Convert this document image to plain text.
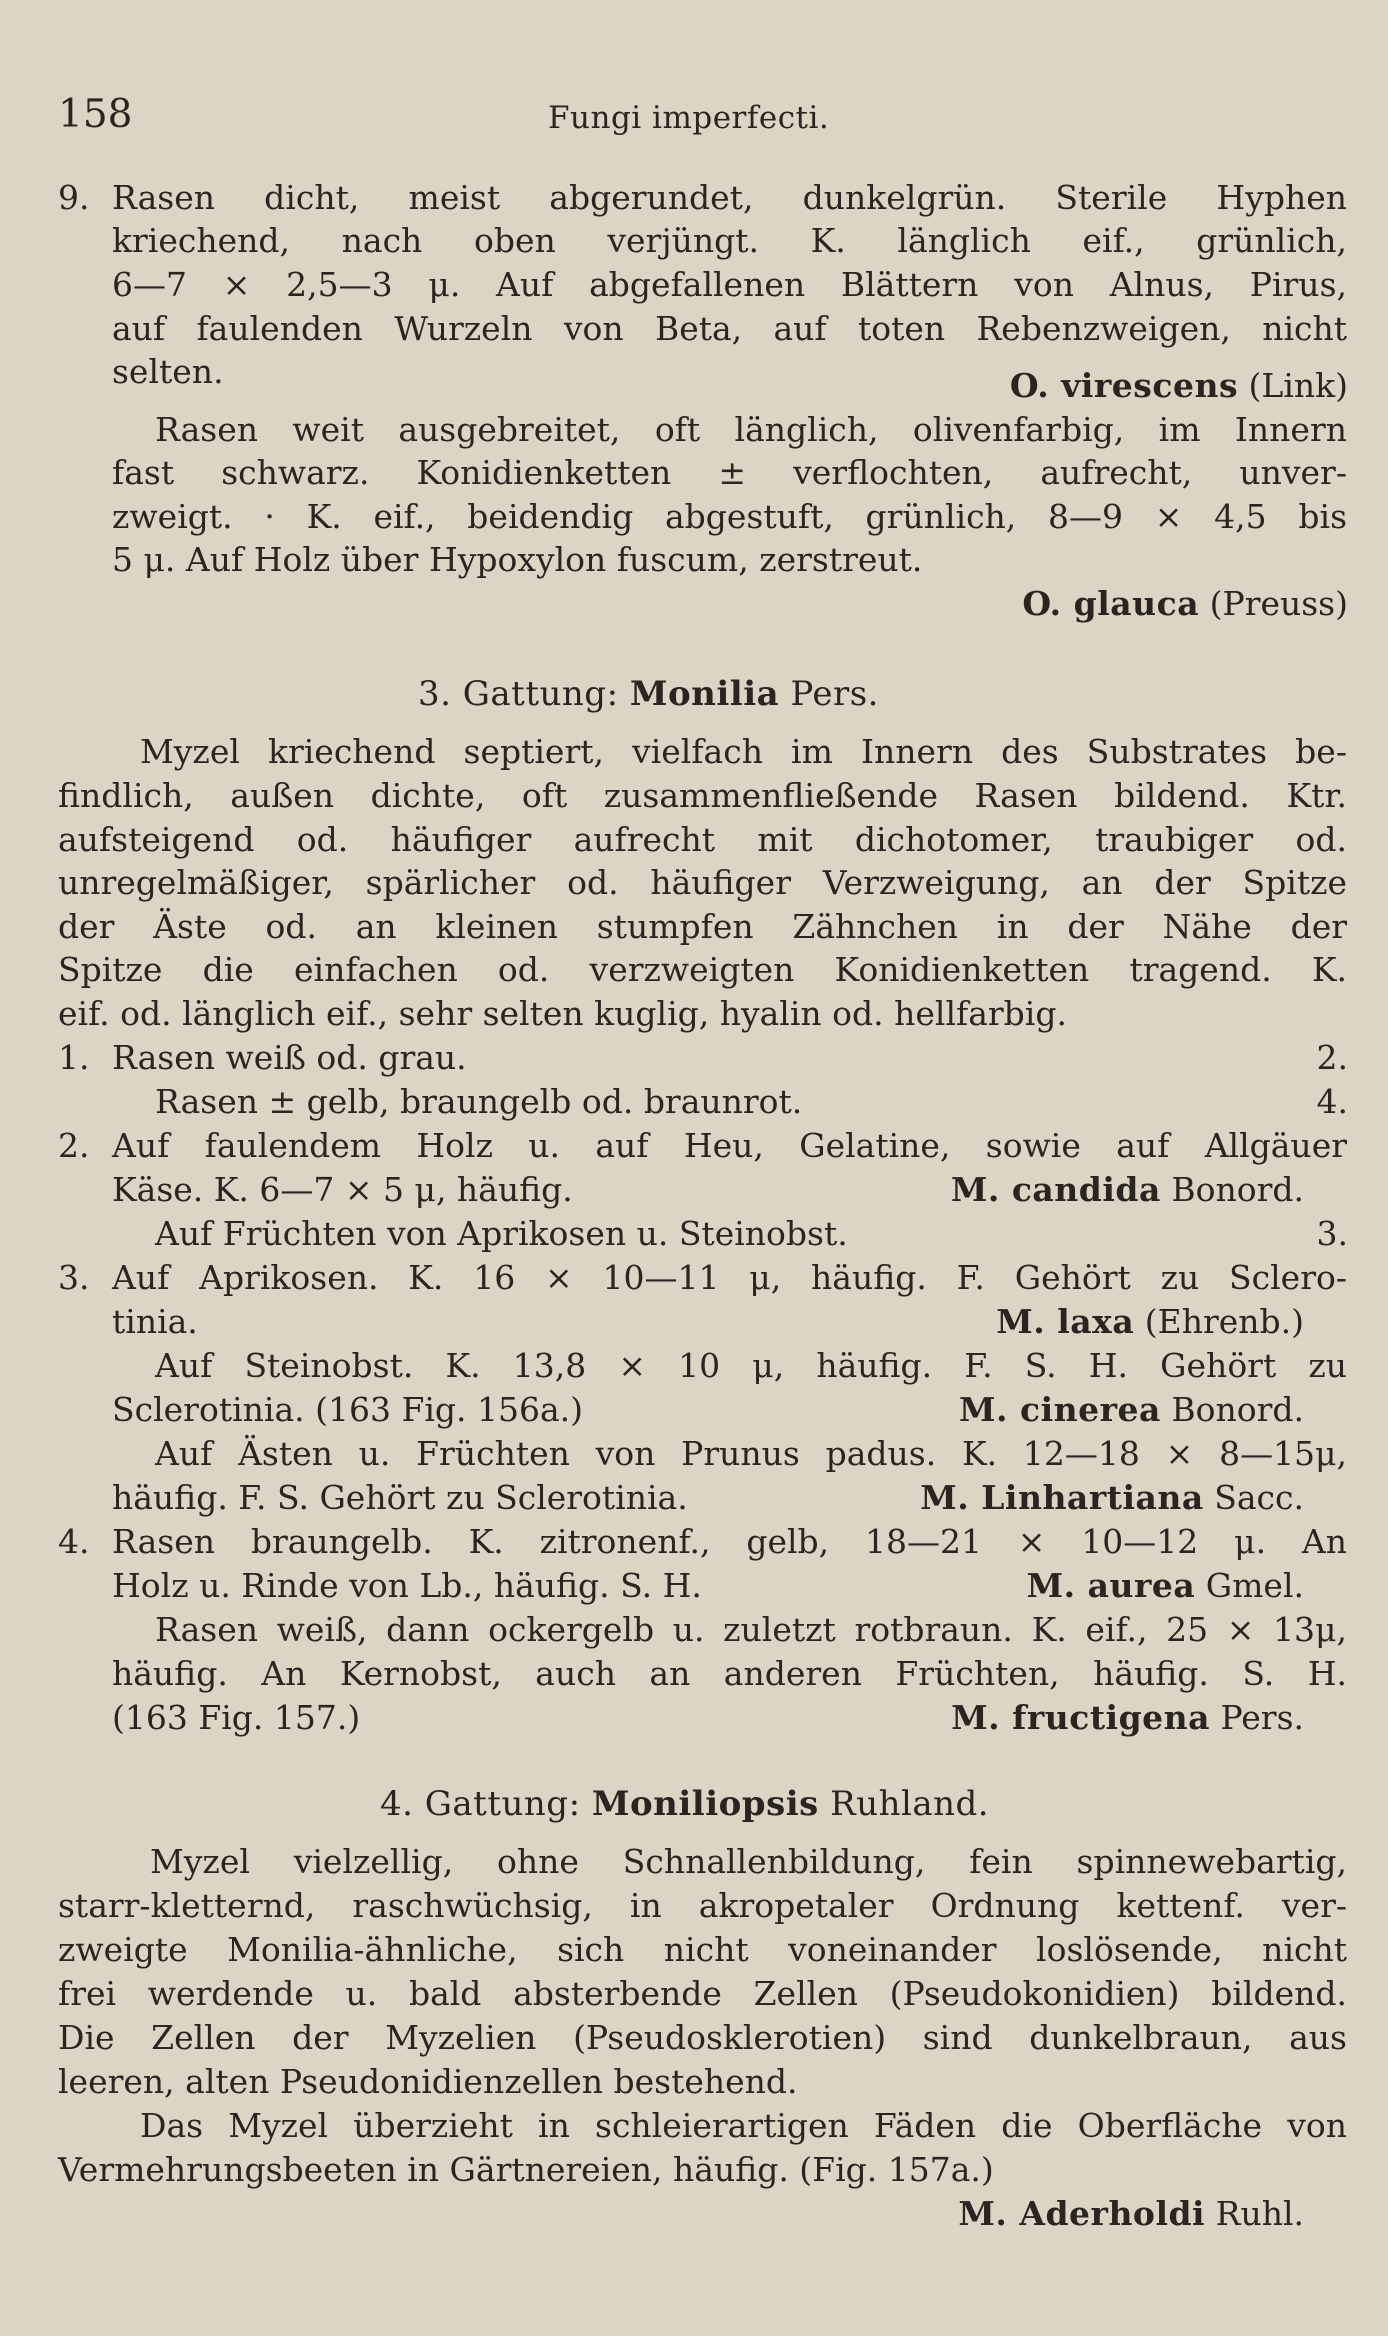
158	Fungi imperfecti.
9. Rasen dicht, meist abgerundet, dunkelgrün. Sterile Hyphen
kriechend, nach oben verjüngt. K. länglich eif., grünlich,
6—7 × 2,5—3 μ. Auf abgefallenen Blättern von Alnus, Pirus,
auf faulenden Wurzeln von Beta, auf toten Rebenzweigen, nicht
selten.	O. virescens (Link)
Rasen weit ausgebreitet, oft länglich, olivenfarbig, im Innern
fast schwarz. Konidienketten ± verflochten, aufrecht, unver-
zweigt. · K. eif., beidendig abgestuft, grünlich, 8—9 × 4,5 bis
5 μ. Auf Holz über Hypoxylon fuscum, zerstreut.
O. glauca (Preuss)
3. Gattung: Monilia Pers.
Myzel kriechend septiert, vielfach im Innern des Substrates be-
findlich, außen dichte, oft zusammenfließende Rasen bildend. Ktr.
aufsteigend od. häufiger aufrecht mit dichotomer, traubiger od.
unregelmäßiger, spärlicher od. häufiger Verzweigung, an der Spitze
der Äste od. an kleinen stumpfen Zähnchen in der Nähe der
Spitze die einfachen od. verzweigten Konidienketten tragend. K.
eif. od. länglich eif., sehr selten kuglig, hyalin od. hellfarbig.
1. Rasen weiß od. grau.	2.
Rasen ± gelb, braungelb od. braunrot.	4.
2. Auf faulendem Holz u. auf Heu, Gelatine, sowie auf Allgäuer
Käse. K. 6—7 × 5 μ, häufig.	M. candida Bonord.
Auf Früchten von Aprikosen u. Steinobst.	3.
3. Auf Aprikosen. K. 16 × 10—11 μ, häufig. F. Gehört zu Sclero-
tinia.	M. laxa (Ehrenb.)
Auf Steinobst. K. 13,8 × 10 μ, häufig. F. S. H. Gehört zu
Sclerotinia. (163 Fig. 156a.)	M. cinerea Bonord.
Auf Ästen u. Früchten von Prunus padus. K. 12—18 × 8—15μ,
häufig. F. S. Gehört zu Sclerotinia.	M. Linhartiana Sacc.
4. Rasen braungelb. K. zitronenf., gelb, 18—21 × 10—12 μ. An
Holz u. Rinde von Lb., häufig. S. H.	M. aurea Gmel.
Rasen weiß, dann ockergelb u. zuletzt rotbraun. K. eif., 25 × 13μ,
häufig. An Kernobst, auch an anderen Früchten, häufig. S. H.
(163 Fig. 157.)	M. fructigena Pers.
4. Gattung: Moniliopsis Ruhland.
Myzel vielzellig, ohne Schnallenbildung, fein spinnewebartig,
starr-kletternd, raschwüchsig, in akropetaler Ordnung kettenf. ver-
zweigte Monilia-ähnliche, sich nicht voneinander loslösende, nicht
frei werdende u. bald absterbende Zellen (Pseudokonidien) bildend.
Die Zellen der Myzelien (Pseudosklerotien) sind dunkelbraun, aus
leeren, alten Pseudonidienzellen bestehend.
Das Myzel überzieht in schleierartigen Fäden die Oberfläche von
Vermehrungsbeeten in Gärtnereien, häufig. (Fig. 157a.)
M. Aderholdi Ruhl.
